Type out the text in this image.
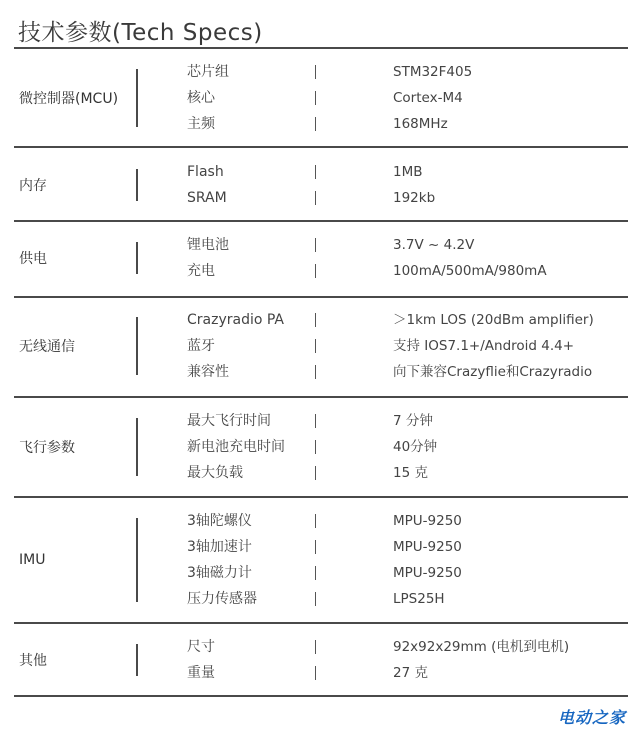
技术参数(Tech Specs)
微控制器(MCU)
芯片组	STM32F405
核心	Cortex-M4
主频	168MHz
内存
Flash	1MB
SRAM	192kb
供电
锂电池	3.7V ~ 4.2V
充电	100mA/500mA/980mA
无线通信
Crazyradio PA	＞1km LOS (20dBm amplifier)
蓝牙	支持 IOS7.1+/Android 4.4+
兼容性	向下兼容Crazyflie和Crazyradio
飞行参数
最大飞行时间	7 分钟
新电池充电时间	40分钟
最大负载	15 克
IMU
3轴陀螺仪	MPU-9250
3轴加速计	MPU-9250
3轴磁力计	MPU-9250
压力传感器	LPS25H
其他
尺寸	92x92x29mm (电机到电机)
重量	27 克
电动之家
